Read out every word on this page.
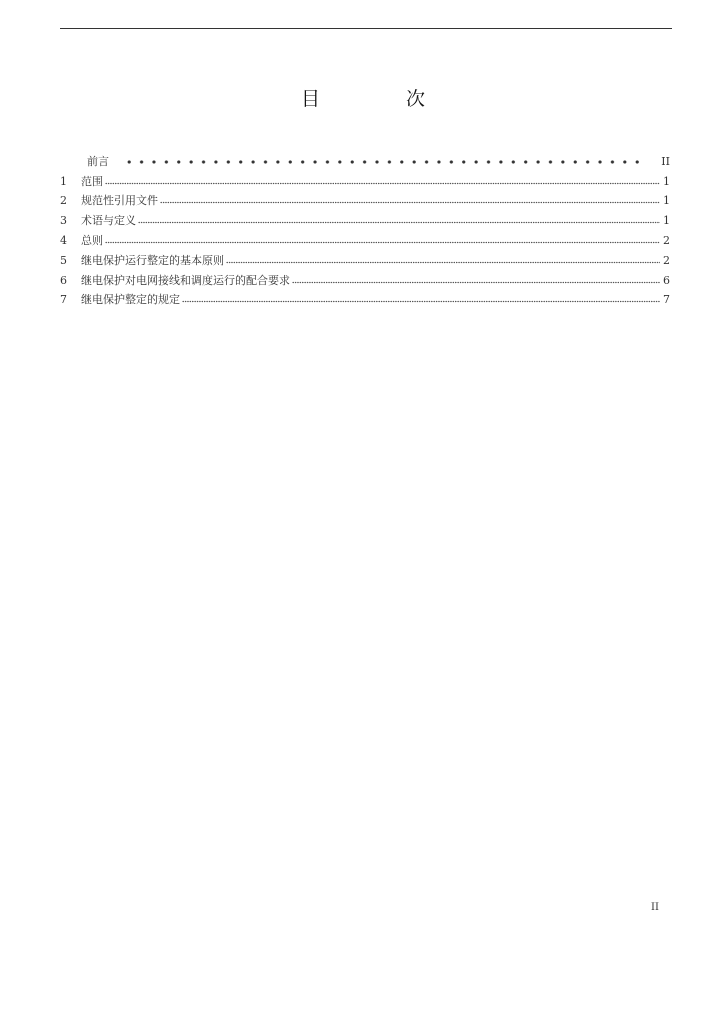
目 次
前言	II
1	范围	1
2	规范性引用文件	1
3	术语与定义	1
4	总则	2
5	继电保护运行整定的基本原则	2
6	继电保护对电网接线和调度运行的配合要求	6
7	继电保护整定的规定	7
II
